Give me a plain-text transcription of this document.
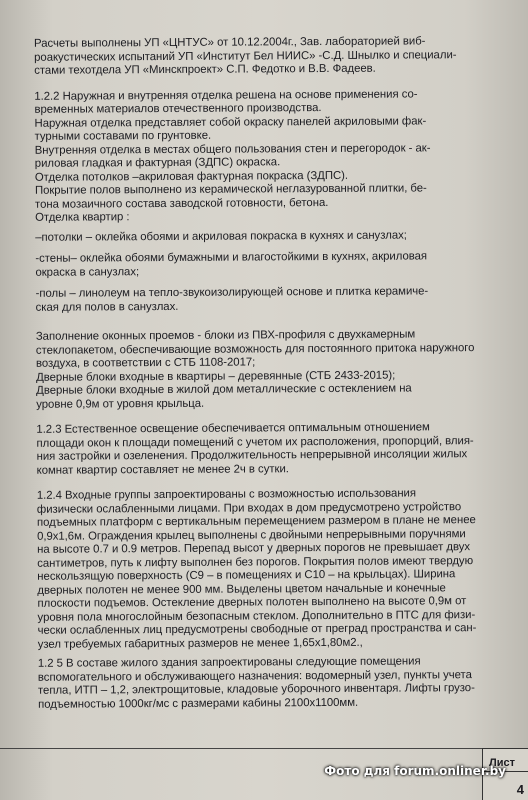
Расчеты выполнены УП «ЦНТУС» от 10.12.2004г., Зав. лабораторией виб-
роакустических испытаний УП «Институт Бел НИИС» -С.Д. Шнылко и специали-
стами техотдела УП «Минскпроект» С.П. Федотко и В.В. Фадеев.

1.2.2 Наружная и внутренняя отделка решена на основе применения со-
временных материалов отечественного производства.

Наружная отделка представляет собой окраску панелей акриловыми фак-
турными составами по грунтовке.

Внутренняя отделка в местах общего пользования стен и перегородок - ак-
риловая гладкая и фактурная (ЗДПС) окраска.

Отделка потолков –акриловая фактурная покраска (ЗДПС).

Покрытие полов выполнено из керамической неглазурованной плитки, бе-
тона мозаичного состава заводской готовности, бетона.

Отделка квартир :

–потолки – оклейка обоями и акриловая покраска в кухнях и санузлах;

-стены– оклейка обоями бумажными и влагостойкими в кухнях, акриловая
окраска в санузлах;

-полы – линолеум на тепло-звукоизолирующей основе и плитка керамиче-
ская для полов в санузлах.

Заполнение оконных проемов - блоки из ПВХ-профиля с двухкамерным
стеклопакетом, обеспечивающие возможность для постоянного притока наружного
воздуха, в соответствии с СТБ 1108-2017;

Дверные блоки входные в квартиры – деревянные (СТБ 2433-2015);

Дверные блоки входные в жилой дом металлические с остеклением на
уровне 0,9м от уровня крыльца.

1.2.3 Естественное освещение обеспечивается оптимальным отношением
площади окон к площади помещений с учетом их расположения, пропорций, влия-
ния застройки и озеленения. Продолжительность непрерывной инсоляции жилых
комнат квартир составляет не менее 2ч в сутки.

1.2.4 Входные группы запроектированы с возможностью использования
физически ослабленными лицами. При входах в дом предусмотрено устройство
подъемных платформ с вертикальным перемещением размером в плане не менее
0,9х1,6м. Ограждения крылец выполнены с двойными непрерывными поручнями
на высоте 0.7 и 0.9 метров. Перепад высот у дверных порогов не превышает двух
сантиметров, путь к лифту выполнен без порогов. Покрытия полов имеют твердую
нескользящую поверхность (С9 – в помещениях и С10 – на крыльцах). Ширина
дверных полотен не менее 900 мм. Выделены цветом начальные и конечные
плоскости подъемов. Остекление дверных полотен выполнено на высоте 0,9м от
уровня пола многослойным безопасным стеклом. Дополнительно в ПТС для физи-
чески ослабленных лиц предусмотрены свободные от преград пространства и сан-
узел требуемых габаритных размеров не менее 1,65х1,80м2.,

1.2 5 В составе жилого здания запроектированы следующие помещения
вспомогательного и обслуживающего назначения: водомерный узел, пункты учета
тепла, ИТП – 1,2, электрощитовые, кладовые уборочного инвентаря. Лифты грузо-
подъемностью 1000кг/мс с размерами кабины 2100х1100мм.

Лист
4
Фото для forum.onliner.by
